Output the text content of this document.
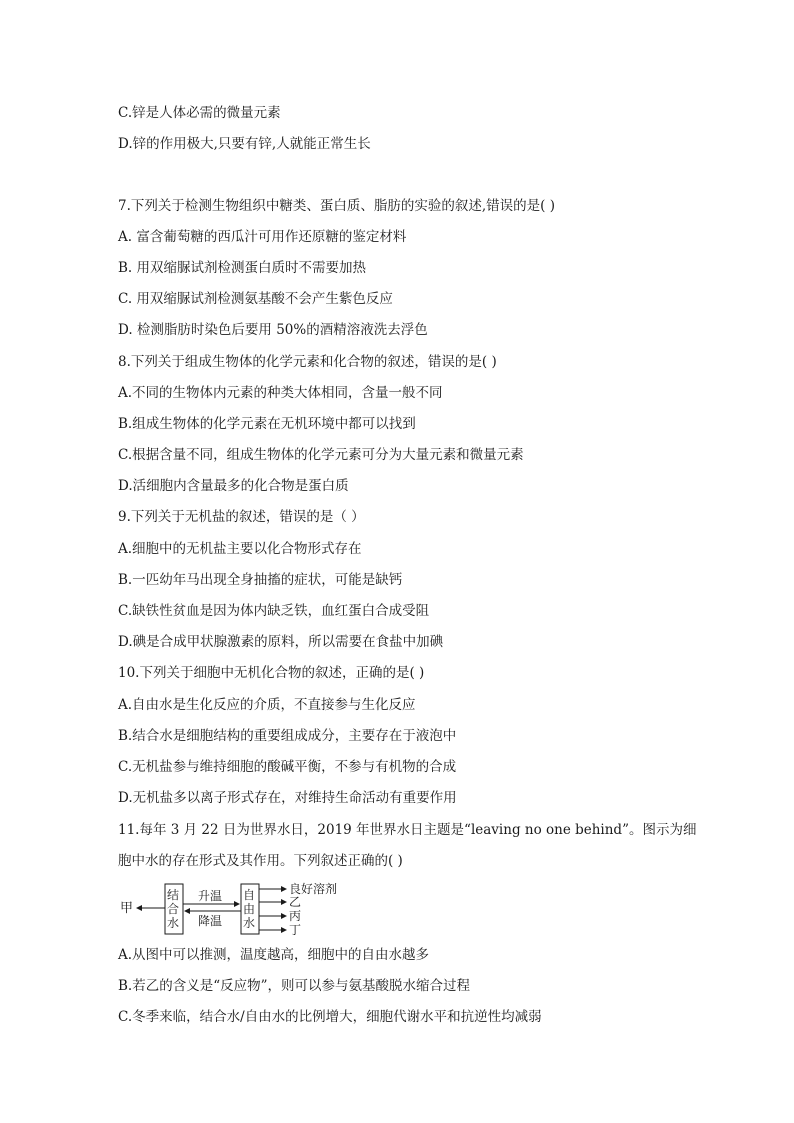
C.锌是人体必需的微量元素
D.锌的作用极大,只要有锌,人就能正常生长
7.下列关于检测生物组织中糖类、蛋白质、脂肪的实验的叙述,错误的是( )
A. 富含葡萄糖的西瓜汁可用作还原糖的鉴定材料
B. 用双缩脲试剂检测蛋白质时不需要加热
C. 用双缩脲试剂检测氨基酸不会产生紫色反应
D. 检测脂肪时染色后要用 50%的酒精溶液洗去浮色
8.下列关于组成生物体的化学元素和化合物的叙述，错误的是( )
A.不同的生物体内元素的种类大体相同，含量一般不同
B.组成生物体的化学元素在无机环境中都可以找到
C.根据含量不同，组成生物体的化学元素可分为大量元素和微量元素
D.活细胞内含量最多的化合物是蛋白质
9.下列关于无机盐的叙述，错误的是（ ）
A.细胞中的无机盐主要以化合物形式存在
B.一匹幼年马出现全身抽搐的症状，可能是缺钙
C.缺铁性贫血是因为体内缺乏铁，血红蛋白合成受阻
D.碘是合成甲状腺激素的原料，所以需要在食盐中加碘
10.下列关于细胞中无机化合物的叙述，正确的是( )
A.自由水是生化反应的介质，不直接参与生化反应
B.结合水是细胞结构的重要组成成分，主要存在于液泡中
C.无机盐参与维持细胞的酸碱平衡，不参与有机物的合成
D.无机盐多以离子形式存在，对维持生命活动有重要作用
11.每年 3 月 22 日为世界水日，2019 年世界水日主题是“leaving no one behind”。图示为细
胞中水的存在形式及其作用。下列叙述正确的( )
甲
结
合
水
升温
降温
自
由
水
良好溶剂
乙
丙
丁
A.从图中可以推测，温度越高，细胞中的自由水越多
B.若乙的含义是“反应物”，则可以参与氨基酸脱水缩合过程
C.冬季来临，结合水/自由水的比例增大，细胞代谢水平和抗逆性均减弱
